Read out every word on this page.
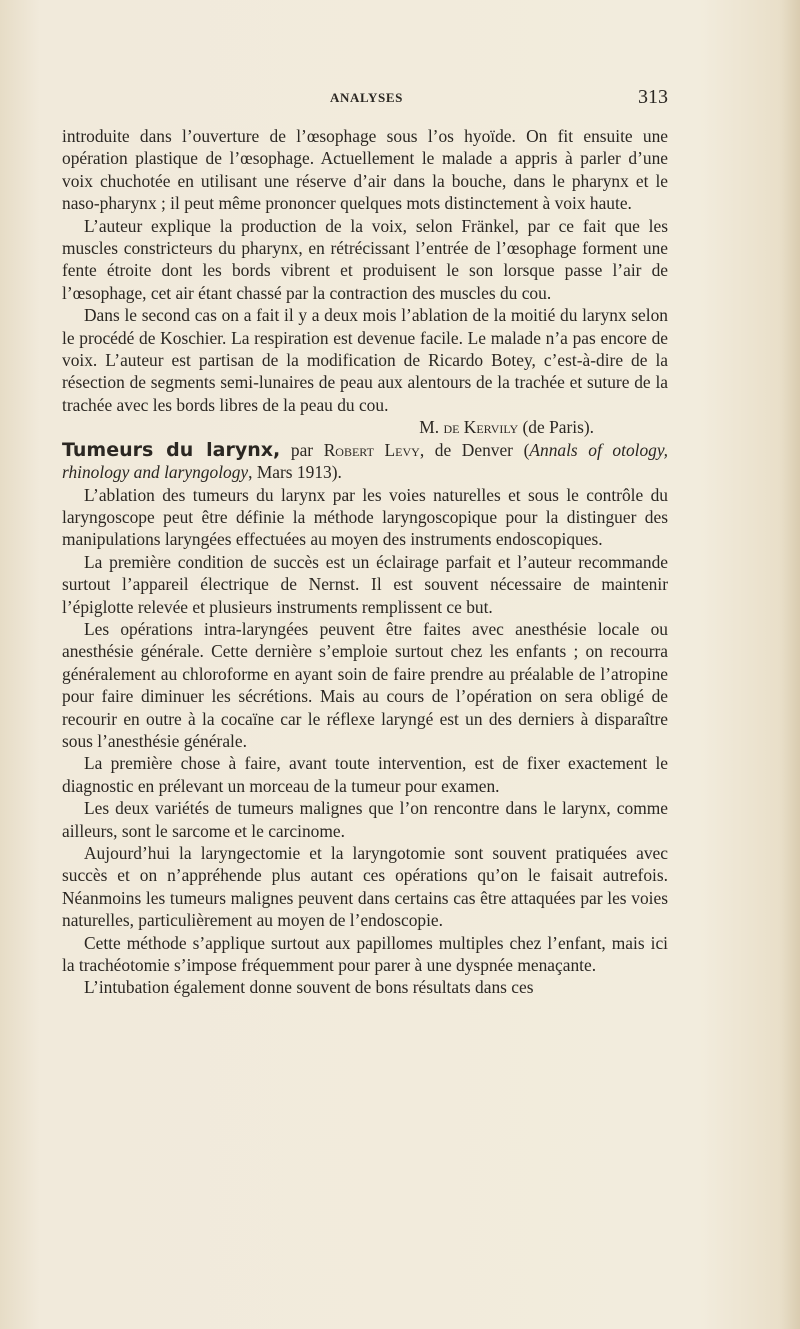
ANALYSES	313

introduite dans l’ouverture de l’œsophage sous l’os hyoïde. On fit ensuite une opération plastique de l’œsophage. Actuellement le malade a appris à parler d’une voix chuchotée en utilisant une réserve d’air dans la bouche, dans le pharynx et le naso-pharynx ; il peut même prononcer quelques mots distinctement à voix haute.

L’auteur explique la production de la voix, selon Fränkel, par ce fait que les muscles constricteurs du pharynx, en rétrécissant l’entrée de l’œsophage forment une fente étroite dont les bords vibrent et produisent le son lorsque passe l’air de l’œsophage, cet air étant chassé par la contraction des muscles du cou.

Dans le second cas on a fait il y a deux mois l’ablation de la moitié du larynx selon le procédé de Koschier. La respiration est devenue facile. Le malade n’a pas encore de voix. L’auteur est partisan de la modification de Ricardo Botey, c’est-à-dire de la résection de segments semi-lunaires de peau aux alentours de la trachée et suture de la trachée avec les bords libres de la peau du cou.

M. de Kervily (de Paris).

Tumeurs du larynx, par Robert Levy, de Denver (Annals of otology, rhinology and laryngology, Mars 1913).

L’ablation des tumeurs du larynx par les voies naturelles et sous le contrôle du laryngoscope peut être définie la méthode laryngoscopique pour la distinguer des manipulations laryngées effectuées au moyen des instruments endoscopiques.

La première condition de succès est un éclairage parfait et l’auteur recommande surtout l’appareil électrique de Nernst. Il est souvent nécessaire de maintenir l’épiglotte relevée et plusieurs instruments remplissent ce but.

Les opérations intra-laryngées peuvent être faites avec anesthésie locale ou anesthésie générale. Cette dernière s’emploie surtout chez les enfants ; on recourra généralement au chloroforme en ayant soin de faire prendre au préalable de l’atropine pour faire diminuer les sécrétions. Mais au cours de l’opération on sera obligé de recourir en outre à la cocaïne car le réflexe laryngé est un des derniers à disparaître sous l’anesthésie générale.

La première chose à faire, avant toute intervention, est de fixer exactement le diagnostic en prélevant un morceau de la tumeur pour examen.

Les deux variétés de tumeurs malignes que l’on rencontre dans le larynx, comme ailleurs, sont le sarcome et le carcinome.

Aujourd’hui la laryngectomie et la laryngotomie sont souvent pratiquées avec succès et on n’appréhende plus autant ces opérations qu’on le faisait autrefois. Néanmoins les tumeurs malignes peuvent dans certains cas être attaquées par les voies naturelles, particulièrement au moyen de l’endoscopie.

Cette méthode s’applique surtout aux papillomes multiples chez l’enfant, mais ici la trachéotomie s’impose fréquemment pour parer à une dyspnée menaçante.

L’intubation également donne souvent de bons résultats dans ces
